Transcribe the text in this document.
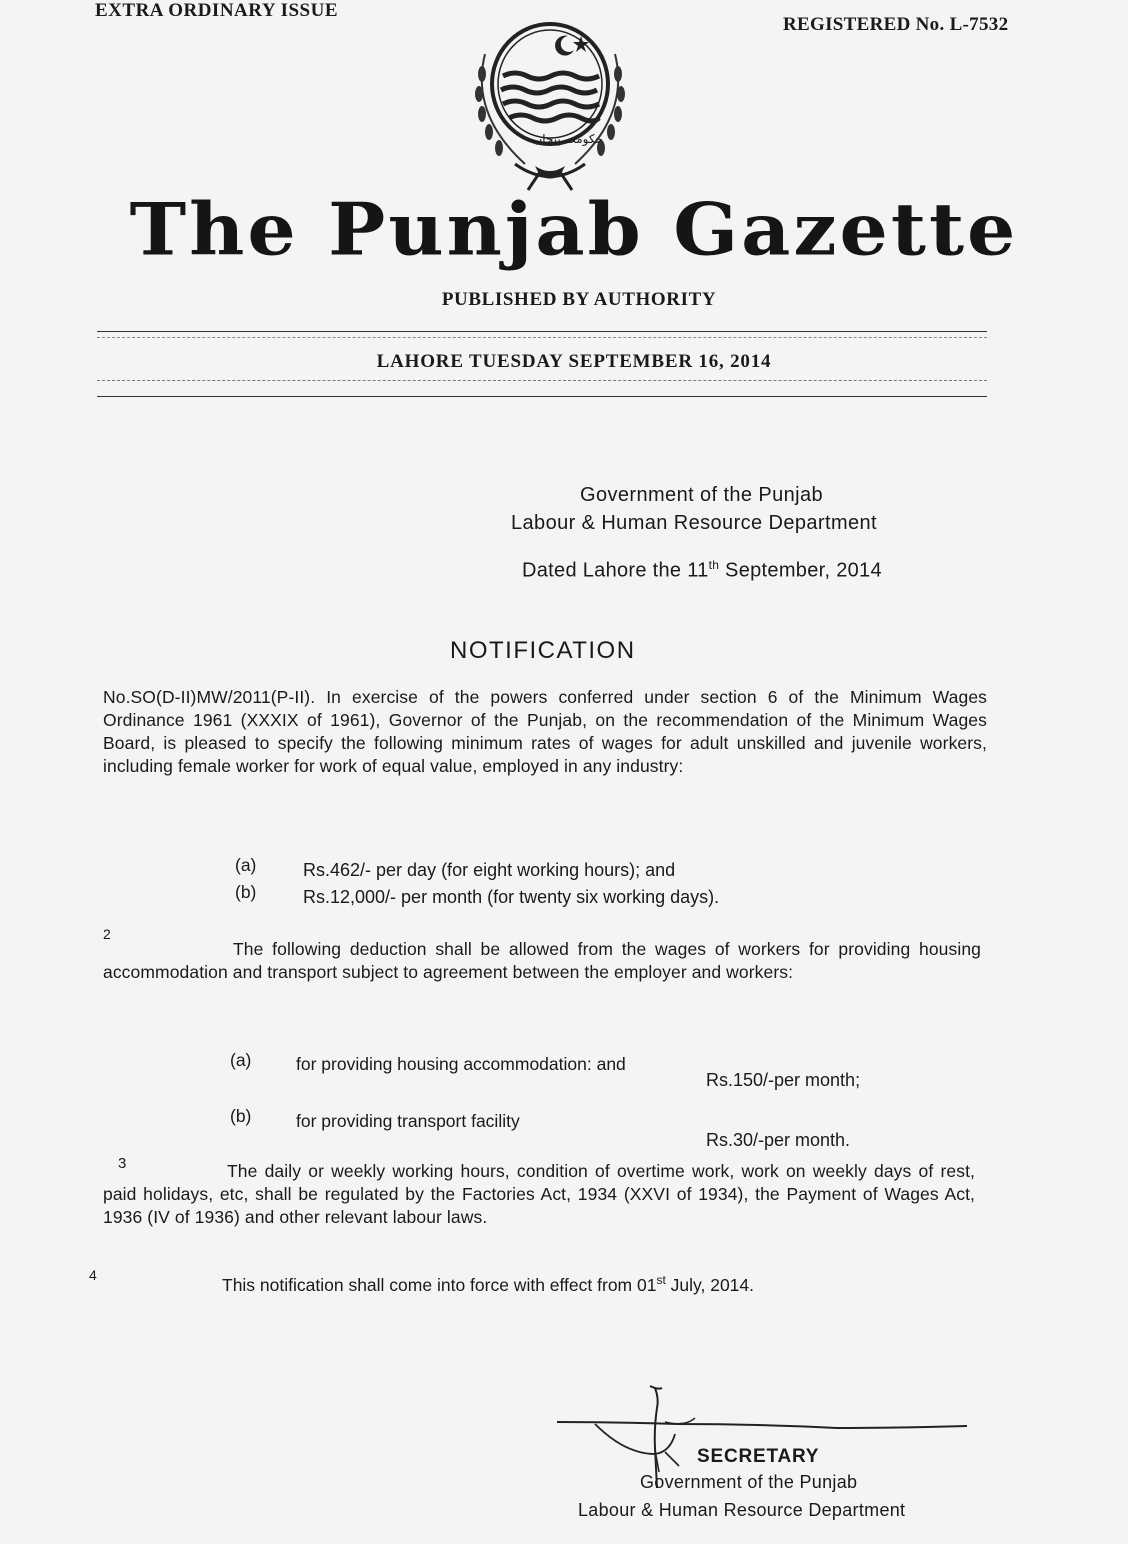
EXTRA ORDINARY ISSUE
REGISTERED No. L-7532
حکومت پنجاب
The Punjab Gazette
PUBLISHED BY AUTHORITY
LAHORE TUESDAY SEPTEMBER 16, 2014
Government of the Punjab
Labour & Human Resource Department
Dated Lahore the 11th September, 2014
NOTIFICATION
No.SO(D-II)MW/2011(P-II). In exercise of the powers conferred under section 6 of the Minimum Wages Ordinance 1961 (XXXIX of 1961), Governor of the Punjab, on the recommendation of the Minimum Wages Board, is pleased to specify the following minimum rates of wages for adult unskilled and juvenile workers, including female worker for work of equal value, employed in any industry:
(a)	Rs.462/- per day (for eight working hours); and
(b)	Rs.12,000/- per month (for twenty six working days).
2
The following deduction shall be allowed from the wages of workers for providing housing accommodation and transport subject to agreement between the employer and workers:
(a)	for providing housing accommodation: and
Rs.150/-per month;
(b)	for providing transport facility
Rs.30/-per month.
3	The daily or weekly working hours, condition of overtime work, work on weekly days of rest, paid holidays, etc, shall be regulated by the Factories Act, 1934 (XXVI of 1934), the Payment of Wages Act, 1936 (IV of 1936) and other relevant labour laws.
4	This notification shall come into force with effect from 01st July, 2014.
SECRETARY
Government of the Punjab
Labour & Human Resource Department
